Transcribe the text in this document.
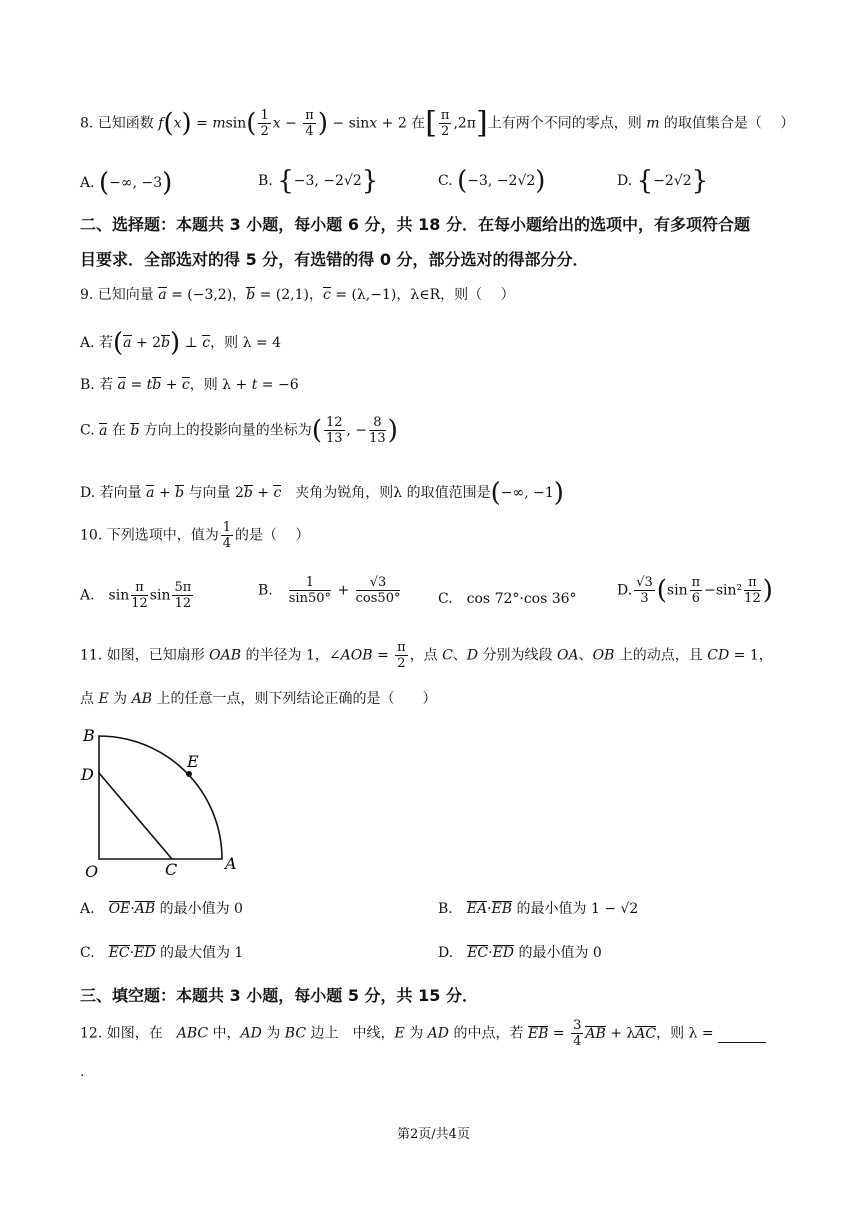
8. 已知函数 $f(x) = msin( \frac{1}{2}$ $x - \frac{\pi}{4}$ ) − sinx + 2 在[ $\frac{\pi}{2} ,2\pi$]上有两个不同的零点，则 m 的取值集合是（　 ）
A. (−∞, −3)	B. {−3, −2√2}	C. (−3, −2√2)	D. {−2√2}
二、选择题：本题共 3 小题，每小题 6 分，共 18 分．在每小题给出的选项中，有多项符合题
目要求．全部选对的得 5 分，有选错的得 0 分，部分选对的得部分分．
9. 已知向量 a = (−3,2)，b = (2,1)，c = (λ,−1)，λ∈R，则（　 ）
A. 若(a + 2b) ⊥ c，则 λ = 4
B. 若 a = tb + c，则 λ + t = −6
C. a 在 b 方向上的投影向量的坐标为( $\frac{12}{13}$ , − $\frac{8}{13}$ )
D. 若向量 a + b 与向量 2b + c　夹角为锐角，则λ 的取值范围是(−∞, −1)
10. 下列选项中，值为 $\frac{1}{4}$ 的是（　 ）
A.　$\sin \frac{\pi}{12}$ $\sin \frac{5\pi}{12}$	B.　 $\frac{1}{\sin 50^\circ} + \frac{√3}{\cos 50^\circ}$	C.　cos 72°·cos 36°
D. $\frac{√3}{3} (\sin \frac{\pi}{6} -\sin^2 \frac{\pi}{12}$ )
11. 如图，已知扇形 OAB 的半径为 1，∠AOB = $\frac{\pi}{2}$ ，点 C、D 分别为线段 OA、OB 上的动点，且 CD = 1，
点 E 为 AB 上的任意一点，则下列结论正确的是（　　）
B
D
E
O	C	A
A.　OE·AB 的最小值为 0	B.　EA·EB 的最小值为 1 − √2
C.　EC·ED 的最大值为 1	D.　EC·ED 的最小值为 0
三、填空题：本题共 3 小题，每小题 5 分，共 15 分．
12. 如图，在　ABC 中，AD 为 BC 边上　中线，E 为 AD 的中点，若 EB = $\frac{3}{4}$ AB + λAC，则 λ =
.
第2页/共4页
